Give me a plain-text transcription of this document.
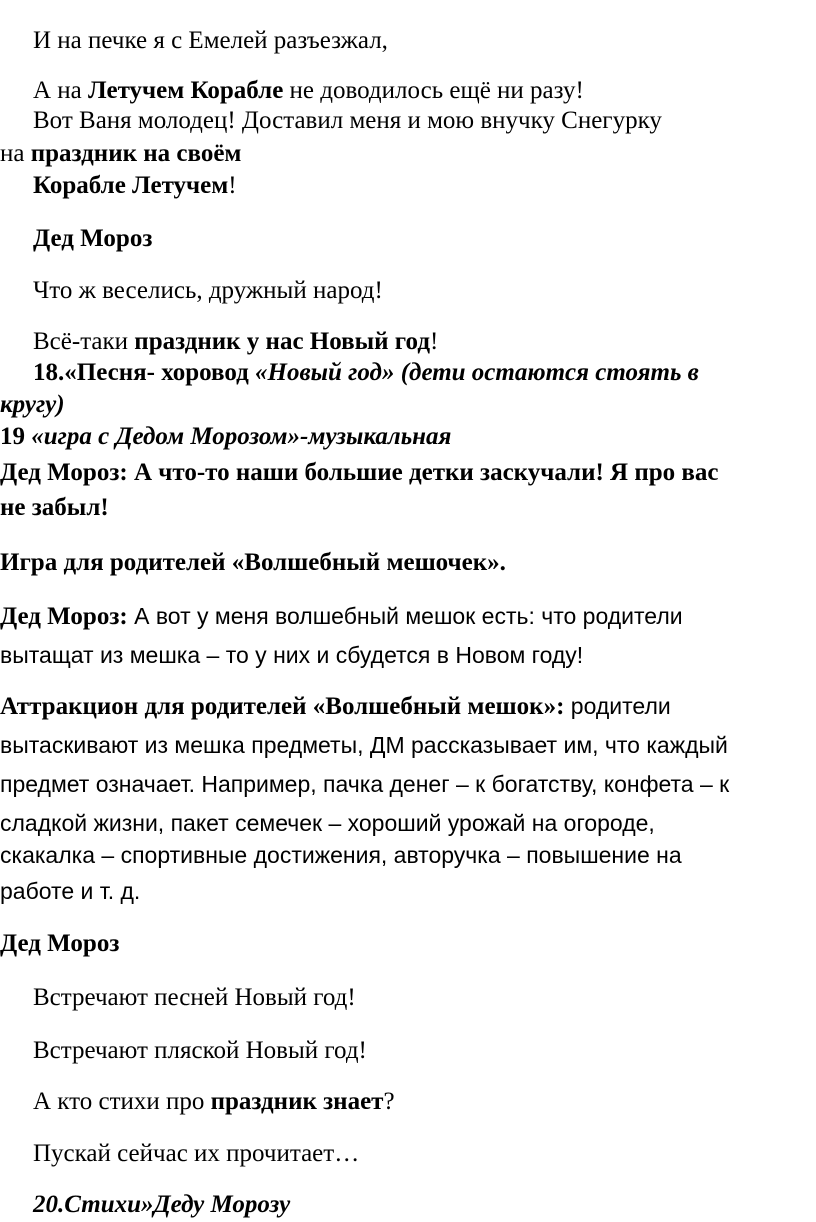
И на печке я с Емелей разъезжал,

А на Летучем Корабле не доводилось ещё ни разу!

Вот Ваня молодец! Доставил меня и мою внучку Снегурку

на праздник на своём

Корабле Летучем!

Дед Мороз

Что ж веселись, дружный народ!

Всё-таки праздник у нас Новый год!

18.«Песня- хоровод «Новый год» (дети остаются стоять в

кругу)

19 «игра с Дедом Морозом»-музыкальная

Дед Мороз: А что-то наши большие детки заскучали! Я про вас

не забыл!

Игра для родителей «Волшебный мешочек».

Дед Мороз: А вот у меня волшебный мешок есть: что родители

вытащат из мешка – то у них и сбудется в Новом году!

Аттракцион для родителей «Волшебный мешок»: родители

вытаскивают из мешка предметы, ДМ рассказывает им, что каждый

предмет означает. Например, пачка денег – к богатству, конфета – к

сладкой жизни, пакет семечек – хороший урожай на огороде,

скакалка – спортивные достижения, авторучка – повышение на

работе и т. д.

Дед Мороз

Встречают песней Новый год!

Встречают пляской Новый год!

А кто стихи про праздник знает?

Пускай сейчас их прочитает…

20.Стихи»Деду Морозу
